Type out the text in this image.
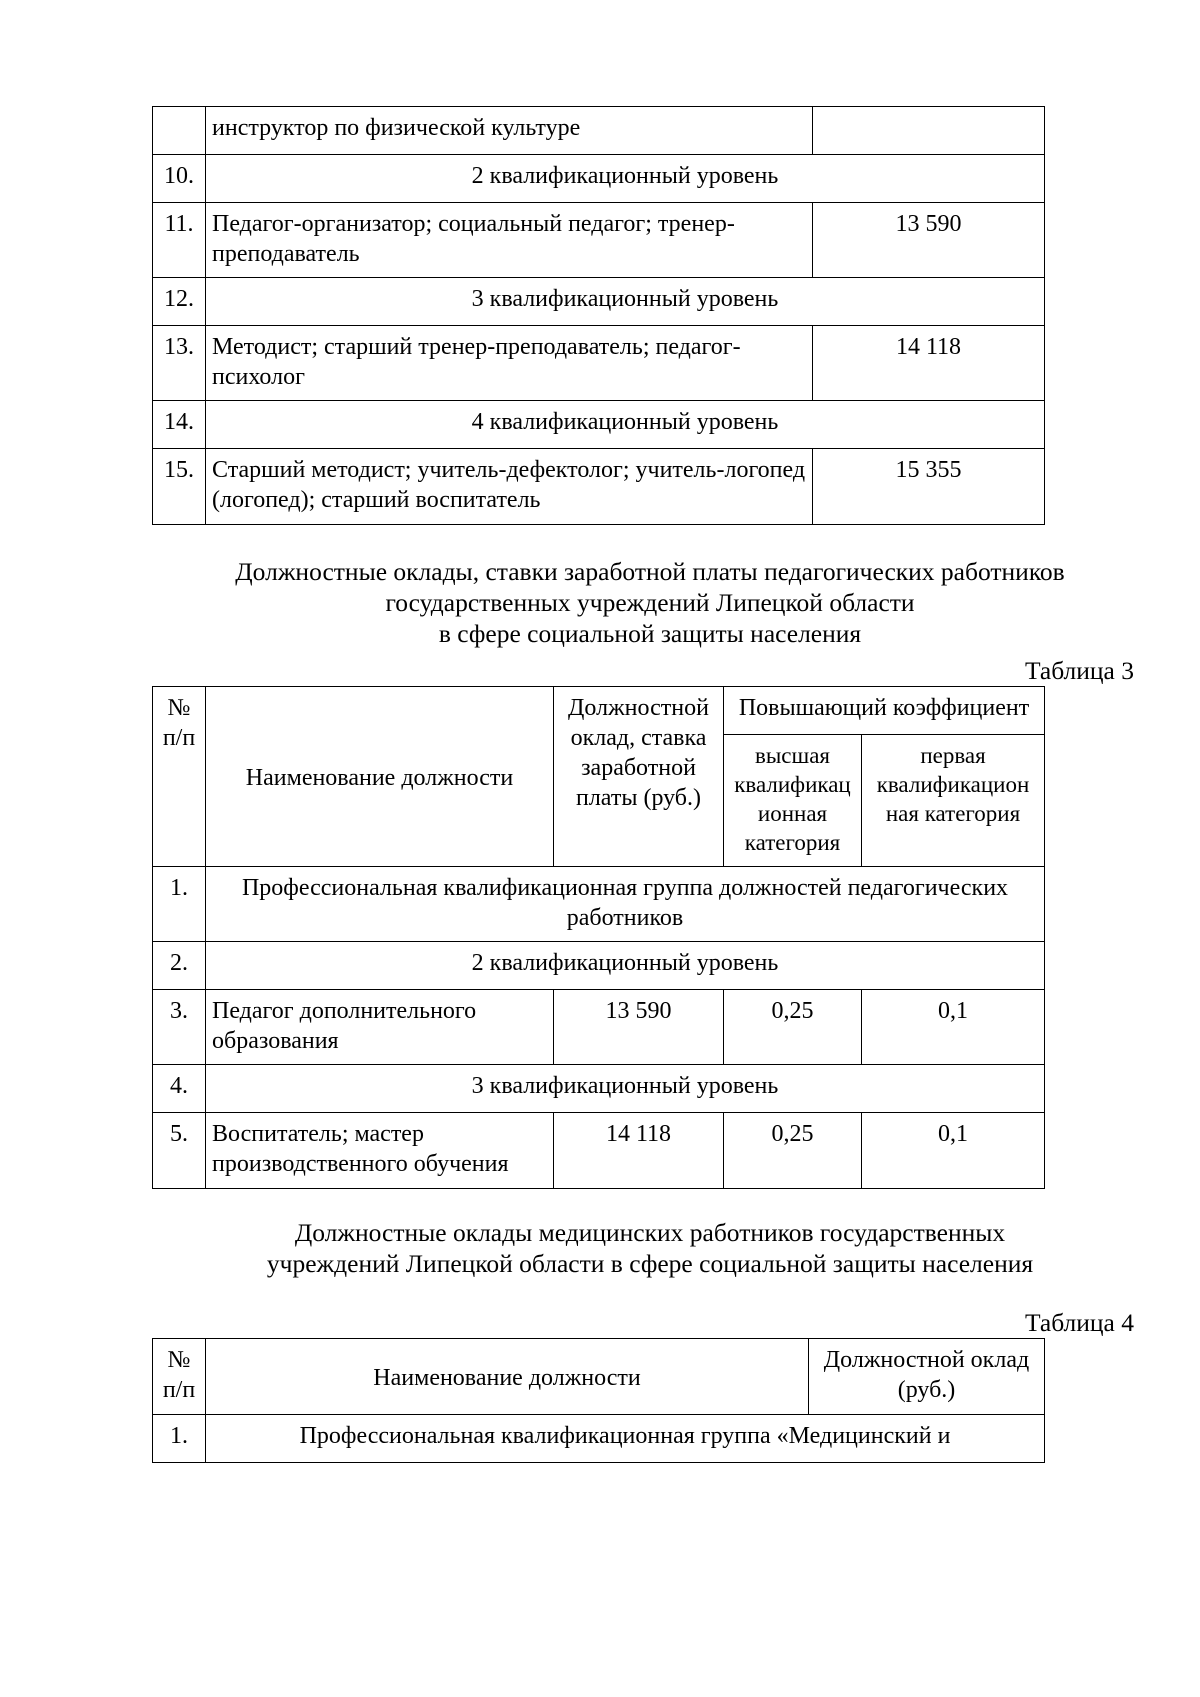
	инструктор по физической культуре	
10.	2 квалификационный уровень	
11.	Педагог-организатор; социальный педагог; тренер-преподаватель	13 590
12.	3 квалификационный уровень	
13.	Методист; старший тренер-преподаватель; педагог-психолог	14 118
14.	4 квалификационный уровень	
15.	Старший методист; учитель-дефектолог; учитель-логопед (логопед); старший воспитатель	15 355
Должностные оклады, ставки заработной платы педагогических работников
государственных учреждений Липецкой области
в сфере социальной защиты населения
Таблица 3
№ п/п	Наименование должности	Должностной оклад, ставка заработной платы (руб.)	Повышающий коэффициент	
			высшая квалификац ионная категория	первая квалификацион ная категория
1.	Профессиональная квалификационная группа должностей педагогических работников			
2.	2 квалификационный уровень			
3.	Педагог дополнительного образования	13 590	0,25	0,1
4.	3 квалификационный уровень			
5.	Воспитатель; мастер производственного обучения	14 118	0,25	0,1
Должностные оклады медицинских работников государственных
учреждений Липецкой области в сфере социальной защиты населения
Таблица 4
№ п/п	Наименование должности	Должностной оклад (руб.)
1.	Профессиональная квалификационная группа «Медицинский и	
